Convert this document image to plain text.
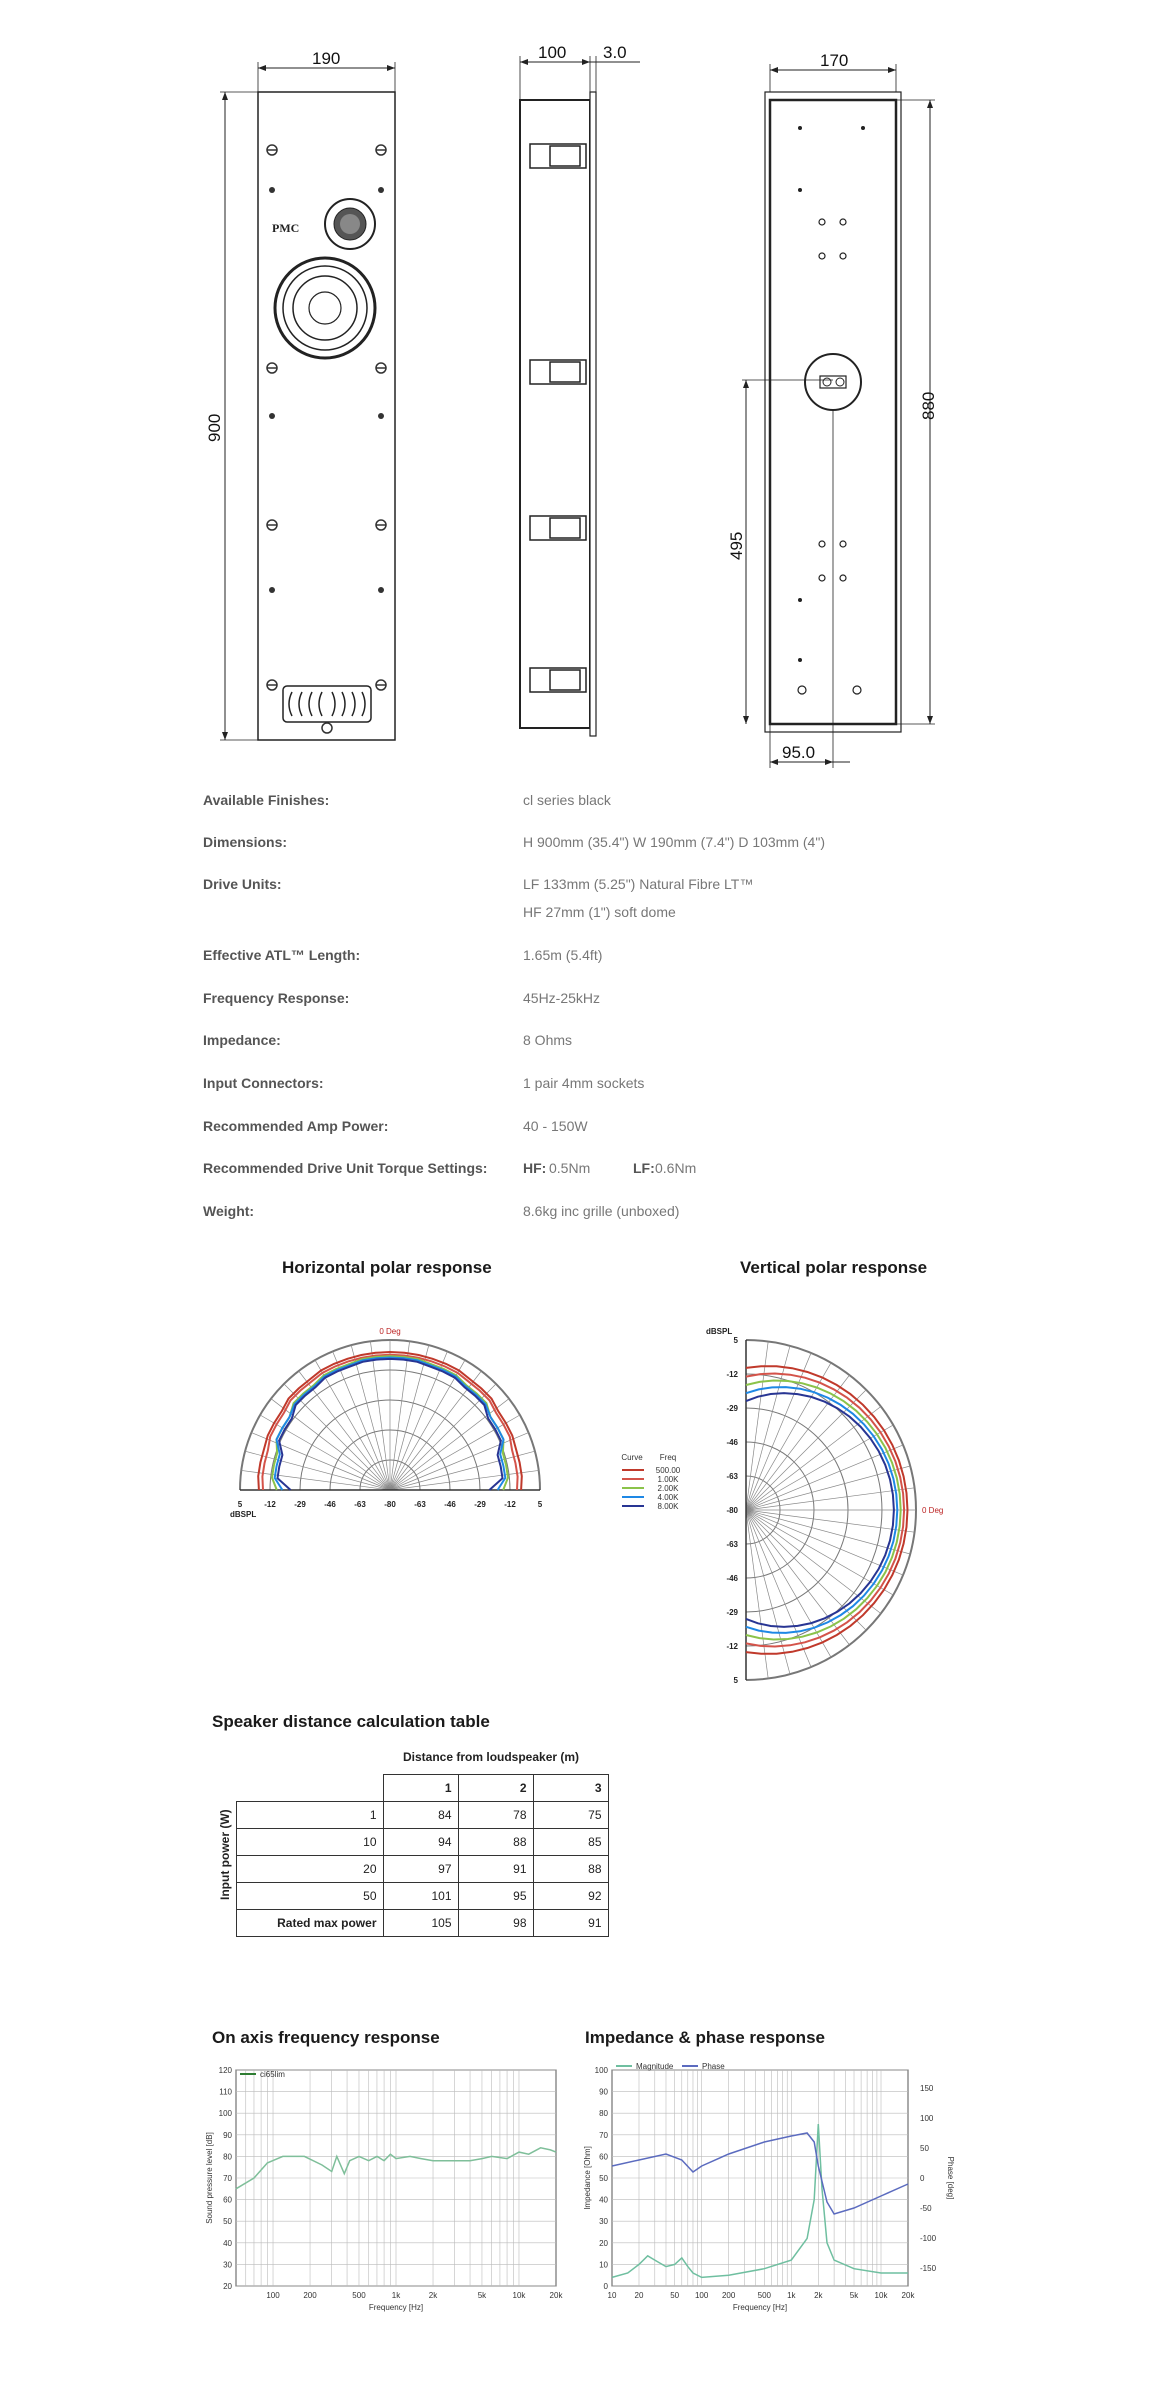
190
900
PMC
100 3.0	170
880
495
95.0
Available Finishes:	cl series black
Dimensions:	H 900mm (35.4") W 190mm (7.4") D 103mm (4")
Drive Units:	LF 133mm (5.25") Natural Fibre LT™
HF 27mm (1") soft dome
Effective ATL™ Length:	1.65m (5.4ft)
Frequency Response:	45Hz-25kHz
Impedance:	8 Ohms
Input Connectors:	1 pair 4mm sockets
Recommended Amp Power:	40 - 150W
Recommended Drive Unit Torque Settings:	HF: 0.5Nm	LF: 0.6Nm
Weight:	8.6kg inc grille (unboxed)
Horizontal polar response	Vertical polar response
5	-12 -29 -46 -63 -80 -63 -46 -29 -12	5
dBSPL
0 Deg
5
-12
-29
-46
-63
-80
-63
-46
-29
-12
5
dBSPL
0 Deg
Curve Freq
500.00
1.00K
2.00K
4.00K
8.00K
Speaker distance calculation table
Distance from loudspeaker (m)
Input power (W)
	1	2	3
1	84	78	75
10	94	88	85
20	97	91	88
50	101	95	92
Rated max power	105	98	91
On axis frequency response	Impedance & phase response
120
110
100
90
80
70
60
50
40
30
20
100	200	500	1k	2k	5k	10k	20k
ci65lim
Frequency [Hz]
Sound pressure level [dB]
100
90
80
70
60
50
40
30
20
10
0
150
100
50
0
-50
-100
-150
10 20	50 100 200	500 1k 2k	5k 10k 20k
Magnitude	Phase
Frequency [Hz]
Impedance [Ohm]	Phase [deg]
